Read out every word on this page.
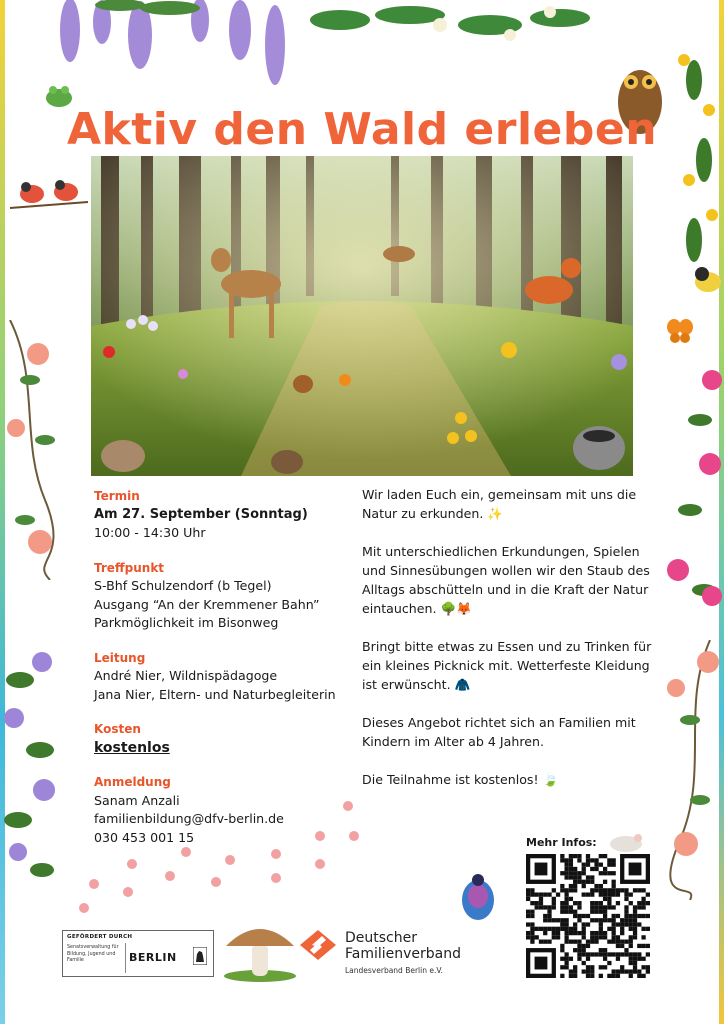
Aktiv den Wald erleben
Termin
Am 27. September (Sonntag)
10:00 - 14:30 Uhr
Treffpunkt
S-Bhf Schulzendorf (b Tegel)
Ausgang “An der Kremmener Bahn”
Parkmöglichkeit im Bisonweg
Leitung
André Nier, Wildnispädagoge
Jana Nier, Eltern- und Naturbegleiterin
Kosten
kostenlos
Anmeldung
Sanam Anzali
familienbildung@dfv-berlin.de
030 453 001 15

Wir laden Euch ein, gemeinsam mit uns die Natur zu erkunden. ✨

Mit unterschiedlichen Erkundungen, Spielen und Sinnesübungen wollen wir den Staub des Alltags abschütteln und in die Kraft der Natur eintauchen. 🌳🦊

Bringt bitte etwas zu Essen und zu Trinken für ein kleines Picknick mit. Wetterfeste Kleidung ist erwünscht. 🧥

Dieses Angebot richtet sich an Familien mit Kindern im Alter ab 4 Jahren.

Die Teilnahme ist kostenlos! 🍃

Mehr Infos:
GEFÖRDERT DURCH
Senatsverwaltung für Bildung, Jugend und Familie	BERLIN
Deutscher
Familienverband
Landesverband Berlin e.V.
